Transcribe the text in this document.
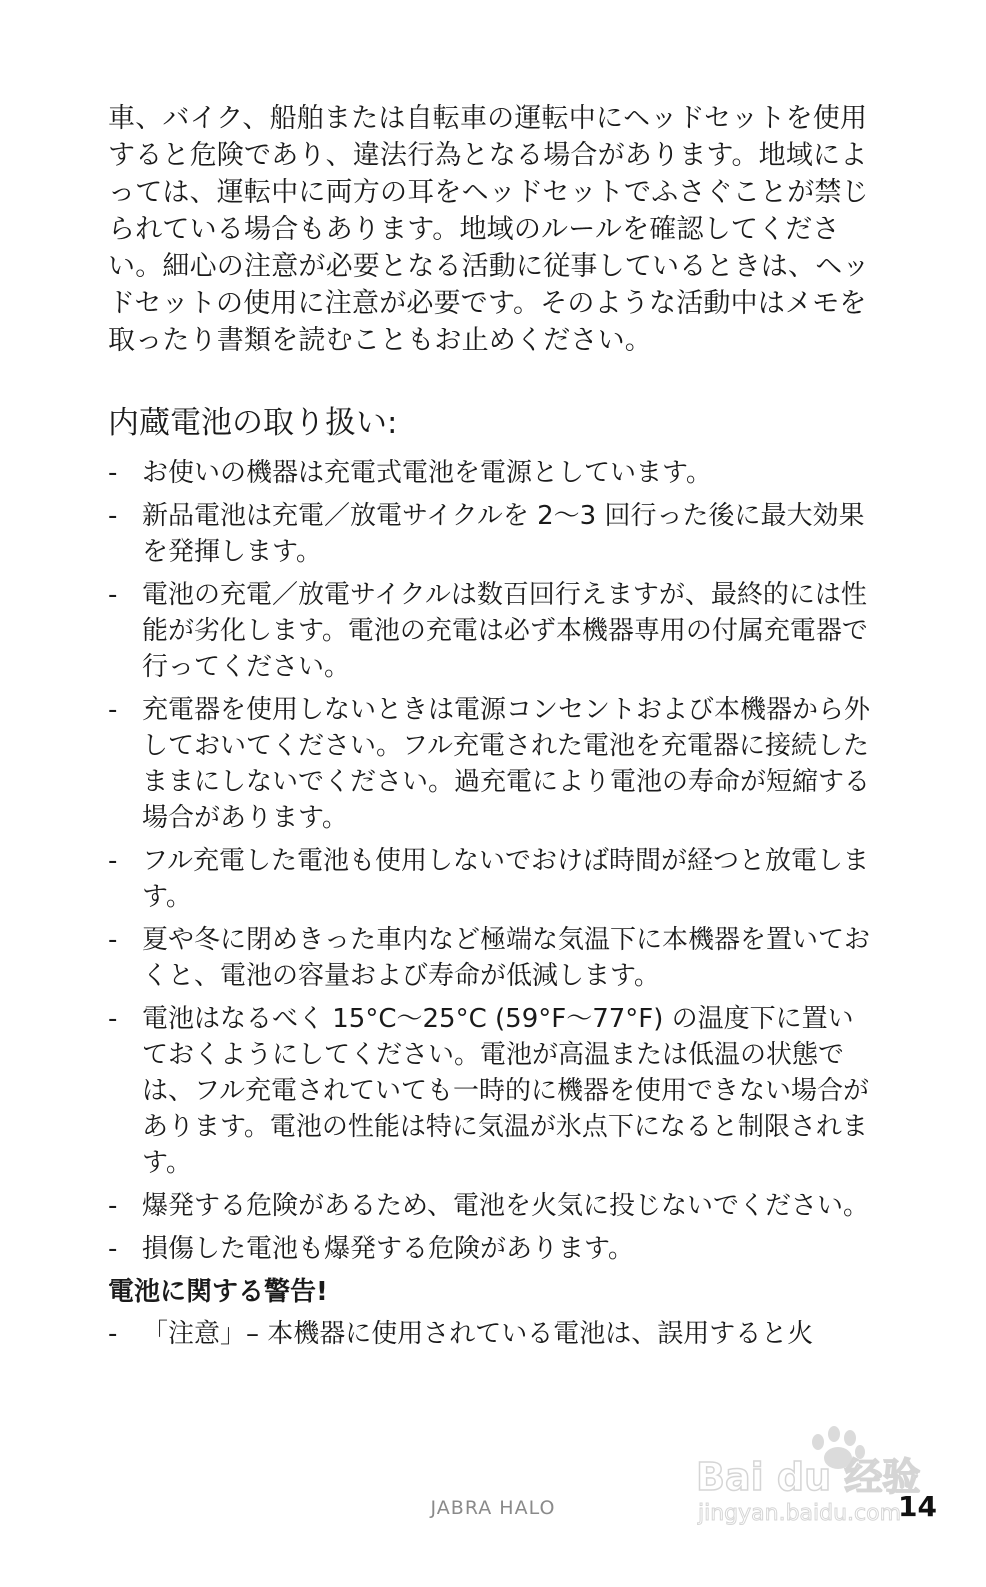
車、バイク、船舶または自転車の運転中にヘッドセットを使用すると危険であり、違法行為となる場合があります。地域によっては、運転中に両方の耳をヘッドセットでふさぐことが禁じられている場合もあります。地域のルールを確認してください。細心の注意が必要となる活動に従事しているときは、ヘッドセットの使用に注意が必要です。そのような活動中はメモを取ったり書類を読むこともお止めください。

内蔵電池の取り扱い:
- お使いの機器は充電式電池を電源としています。
- 新品電池は充電／放電サイクルを 2〜3 回行った後に最大効果を発揮します。
- 電池の充電／放電サイクルは数百回行えますが、最終的には性能が劣化します。電池の充電は必ず本機器専用の付属充電器で行ってください。
- 充電器を使用しないときは電源コンセントおよび本機器から外しておいてください。フル充電された電池を充電器に接続したままにしないでください。過充電により電池の寿命が短縮する場合があります。
- フル充電した電池も使用しないでおけば時間が経つと放電します。
- 夏や冬に閉めきった車内など極端な気温下に本機器を置いておくと、電池の容量および寿命が低減します。
- 電池はなるべく 15°C〜25°C (59°F〜77°F) の温度下に置いておくようにしてください。電池が高温または低温の状態では、フル充電されていても一時的に機器を使用できない場合があります。電池の性能は特に気温が氷点下になると制限されます。
- 爆発する危険があるため、電池を火気に投じないでください。
- 損傷した電池も爆発する危険があります。
電池に関する警告!
- 「注意」– 本機器に使用されている電池は、誤用すると火
Bai du 经验
jingyan.baidu.com
JABRA HALO	14
